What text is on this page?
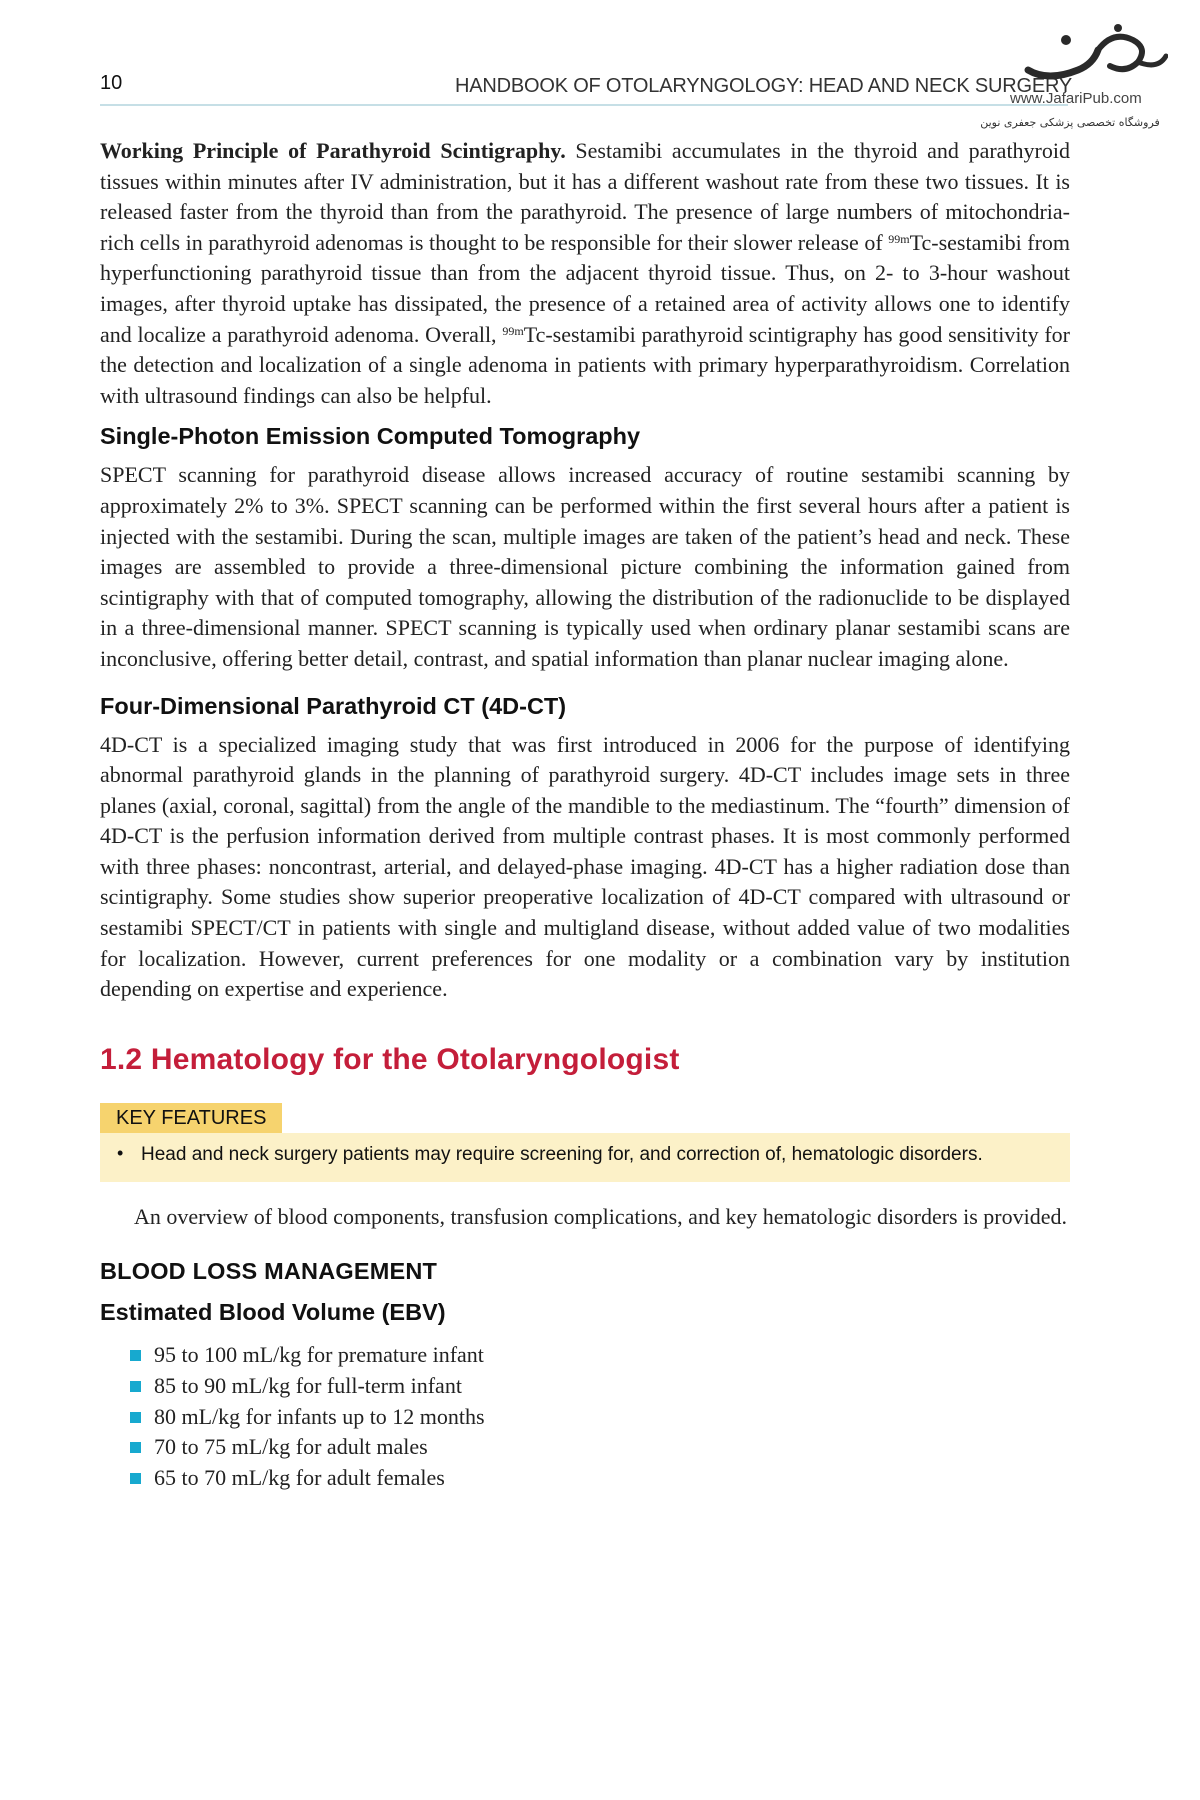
10	HANDBOOK OF OTOLARYNGOLOGY: HEAD AND NECK SURGERY
www.JafariPub.com
فروشگاه تخصصی پزشکی جعفری نوین

Working Principle of Parathyroid Scintigraphy. Sestamibi accumulates in the thyroid and parathyroid tissues within minutes after IV administration, but it has a different washout rate from these two tissues. It is released faster from the thyroid than from the parathyroid. The presence of large numbers of mitochondria-rich cells in parathyroid adenomas is thought to be responsible for their slower release of $^{99m}$Tc-sestamibi from hyperfunctioning parathyroid tissue than from the adjacent thyroid tissue. Thus, on 2- to 3-hour washout images, after thyroid uptake has dissipated, the presence of a retained area of activity allows one to identify and localize a parathyroid adenoma. Overall, $^{99m}$Tc-sestamibi parathyroid scintigraphy has good sensitivity for the detection and localization of a single adenoma in patients with primary hyperparathyroidism. Correlation with ultrasound findings can also be helpful.

Single-Photon Emission Computed Tomography

SPECT scanning for parathyroid disease allows increased accuracy of routine sestamibi scanning by approximately 2% to 3%. SPECT scanning can be performed within the first several hours after a patient is injected with the sestamibi. During the scan, multiple images are taken of the patient’s head and neck. These images are assembled to provide a three-dimensional picture combining the information gained from scintigraphy with that of computed tomography, allowing the distribution of the radionuclide to be displayed in a three-dimensional manner. SPECT scanning is typically used when ordinary planar sestamibi scans are inconclusive, offering better detail, contrast, and spatial information than planar nuclear imaging alone.

Four-Dimensional Parathyroid CT (4D-CT)

4D-CT is a specialized imaging study that was first introduced in 2006 for the purpose of identifying abnormal parathyroid glands in the planning of parathyroid surgery. 4D-CT includes image sets in three planes (axial, coronal, sagittal) from the angle of the mandible to the mediastinum. The “fourth” dimension of 4D-CT is the perfusion information derived from multiple contrast phases. It is most commonly performed with three phases: noncontrast, arterial, and delayed-phase imaging. 4D-CT has a higher radiation dose than scintigraphy. Some studies show superior preoperative localization of 4D-CT compared with ultrasound or sestamibi SPECT/CT in patients with single and multigland disease, without added value of two modalities for localization. However, current preferences for one modality or a combination vary by institution depending on expertise and experience.

1.2 Hematology for the Otolaryngologist
KEY FEATURES
• Head and neck surgery patients may require screening for, and correction of, hematologic disorders.

An overview of blood components, transfusion complications, and key hematologic disorders is provided.

BLOOD LOSS MANAGEMENT
Estimated Blood Volume (EBV)
95 to 100 mL/kg for premature infant
85 to 90 mL/kg for full-term infant
80 mL/kg for infants up to 12 months
70 to 75 mL/kg for adult males
65 to 70 mL/kg for adult females
